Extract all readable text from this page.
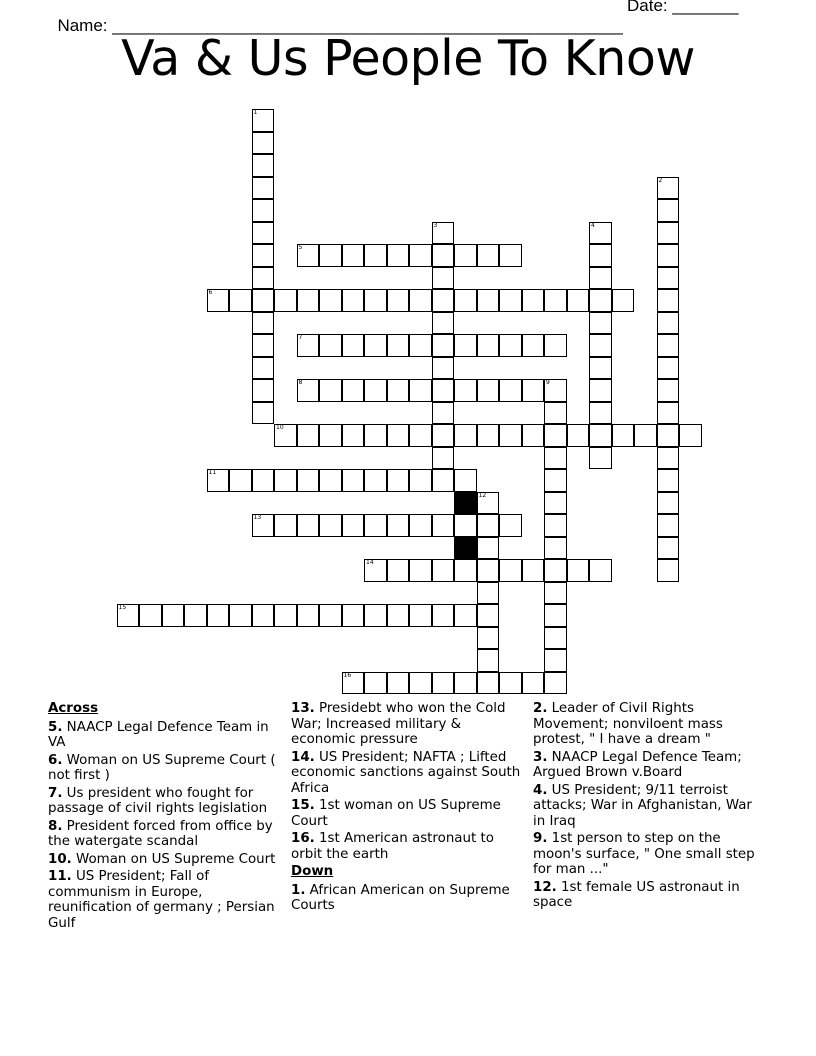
Name: ______________________________________________________

Date: _______

Va & Us People To Know
1
2
3	4
5
6
7
8	9
10
11
12
13
14
15
16
Across
5. NAACP Legal Defence Team in VA
6. Woman on US Supreme Court ( not first )
7. Us president who fought for passage of civil rights legislation
8. President forced from office by the watergate scandal
10. Woman on US Supreme Court
11. US President; Fall of communism in Europe, reunification of germany ; Persian Gulf
13. Presidebt who won the Cold War; Increased military & economic pressure
14. US President; NAFTA ; Lifted economic sanctions against South Africa
15. 1st woman on US Supreme Court
16. 1st American astronaut to orbit the earth
Down
1. African American on Supreme Courts
2. Leader of Civil Rights Movement; nonviloent mass protest, " I have a dream "
3. NAACP Legal Defence Team; Argued Brown v.Board
4. US President; 9/11 terroist attacks; War in Afghanistan, War in Iraq
9. 1st person to step on the moon's surface, " One small step for man ..."
12. 1st female US astronaut in space
